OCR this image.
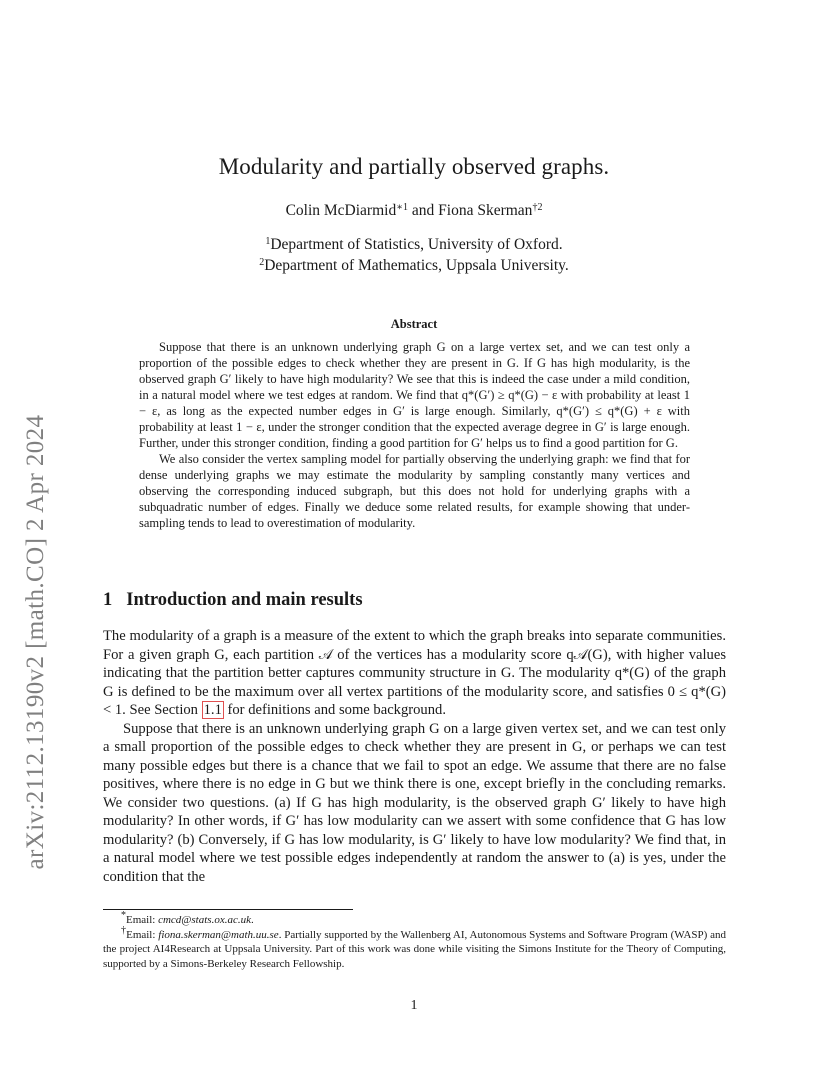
arXiv:2112.13190v2 [math.CO] 2 Apr 2024
Modularity and partially observed graphs.
Colin McDiarmid$^{∗1}$ and Fiona Skerman$^{\dagger 2}$
$^1$Department of Statistics, University of Oxford.
$^2$Department of Mathematics, Uppsala University.
Abstract

Suppose that there is an unknown underlying graph G on a large vertex set, and we can test only a proportion of the possible edges to check whether they are present in G. If G has high modularity, is the observed graph G′ likely to have high modularity? We see that this is indeed the case under a mild condition, in a natural model where we test edges at random. We find that q*(G′) ≥ q*(G) − ε with probability at least 1 − ε, as long as the expected number edges in G′ is large enough. Similarly, q*(G′) ≤ q*(G) + ε with probability at least 1 − ε, under the stronger condition that the expected average degree in G′ is large enough. Further, under this stronger condition, finding a good partition for G′ helps us to find a good partition for G.

We also consider the vertex sampling model for partially observing the underlying graph: we find that for dense underlying graphs we may estimate the modularity by sampling constantly many vertices and observing the corresponding induced subgraph, but this does not hold for underlying graphs with a subquadratic number of edges. Finally we deduce some related results, for example showing that under-sampling tends to lead to overestimation of modularity.

1 Introduction and main results

The modularity of a graph is a measure of the extent to which the graph breaks into separate communities. For a given graph G, each partition 𝒜 of the vertices has a modularity score q𝒜(G), with higher values indicating that the partition better captures community structure in G. The modularity q*(G) of the graph G is defined to be the maximum over all vertex partitions of the modularity score, and satisfies 0 ≤ q*(G) < 1. See Section 1.1 for definitions and some background.

Suppose that there is an unknown underlying graph G on a large given vertex set, and we can test only a small proportion of the possible edges to check whether they are present in G, or perhaps we can test many possible edges but there is a chance that we fail to spot an edge. We assume that there are no false positives, where there is no edge in G but we think there is one, except briefly in the concluding remarks. We consider two questions. (a) If G has high modularity, is the observed graph G′ likely to have high modularity? In other words, if G′ has low modularity can we assert with some confidence that G has low modularity? (b) Conversely, if G has low modularity, is G′ likely to have low modularity? We find that, in a natural model where we test possible edges independently at random the answer to (a) is yes, under the condition that the

*Email: cmcd@stats.ox.ac.uk.

†Email: fiona.skerman@math.uu.se. Partially supported by the Wallenberg AI, Autonomous Systems and Software Program (WASP) and the project AI4Research at Uppsala University. Part of this work was done while visiting the Simons Institute for the Theory of Computing, supported by a Simons-Berkeley Research Fellowship.

1
